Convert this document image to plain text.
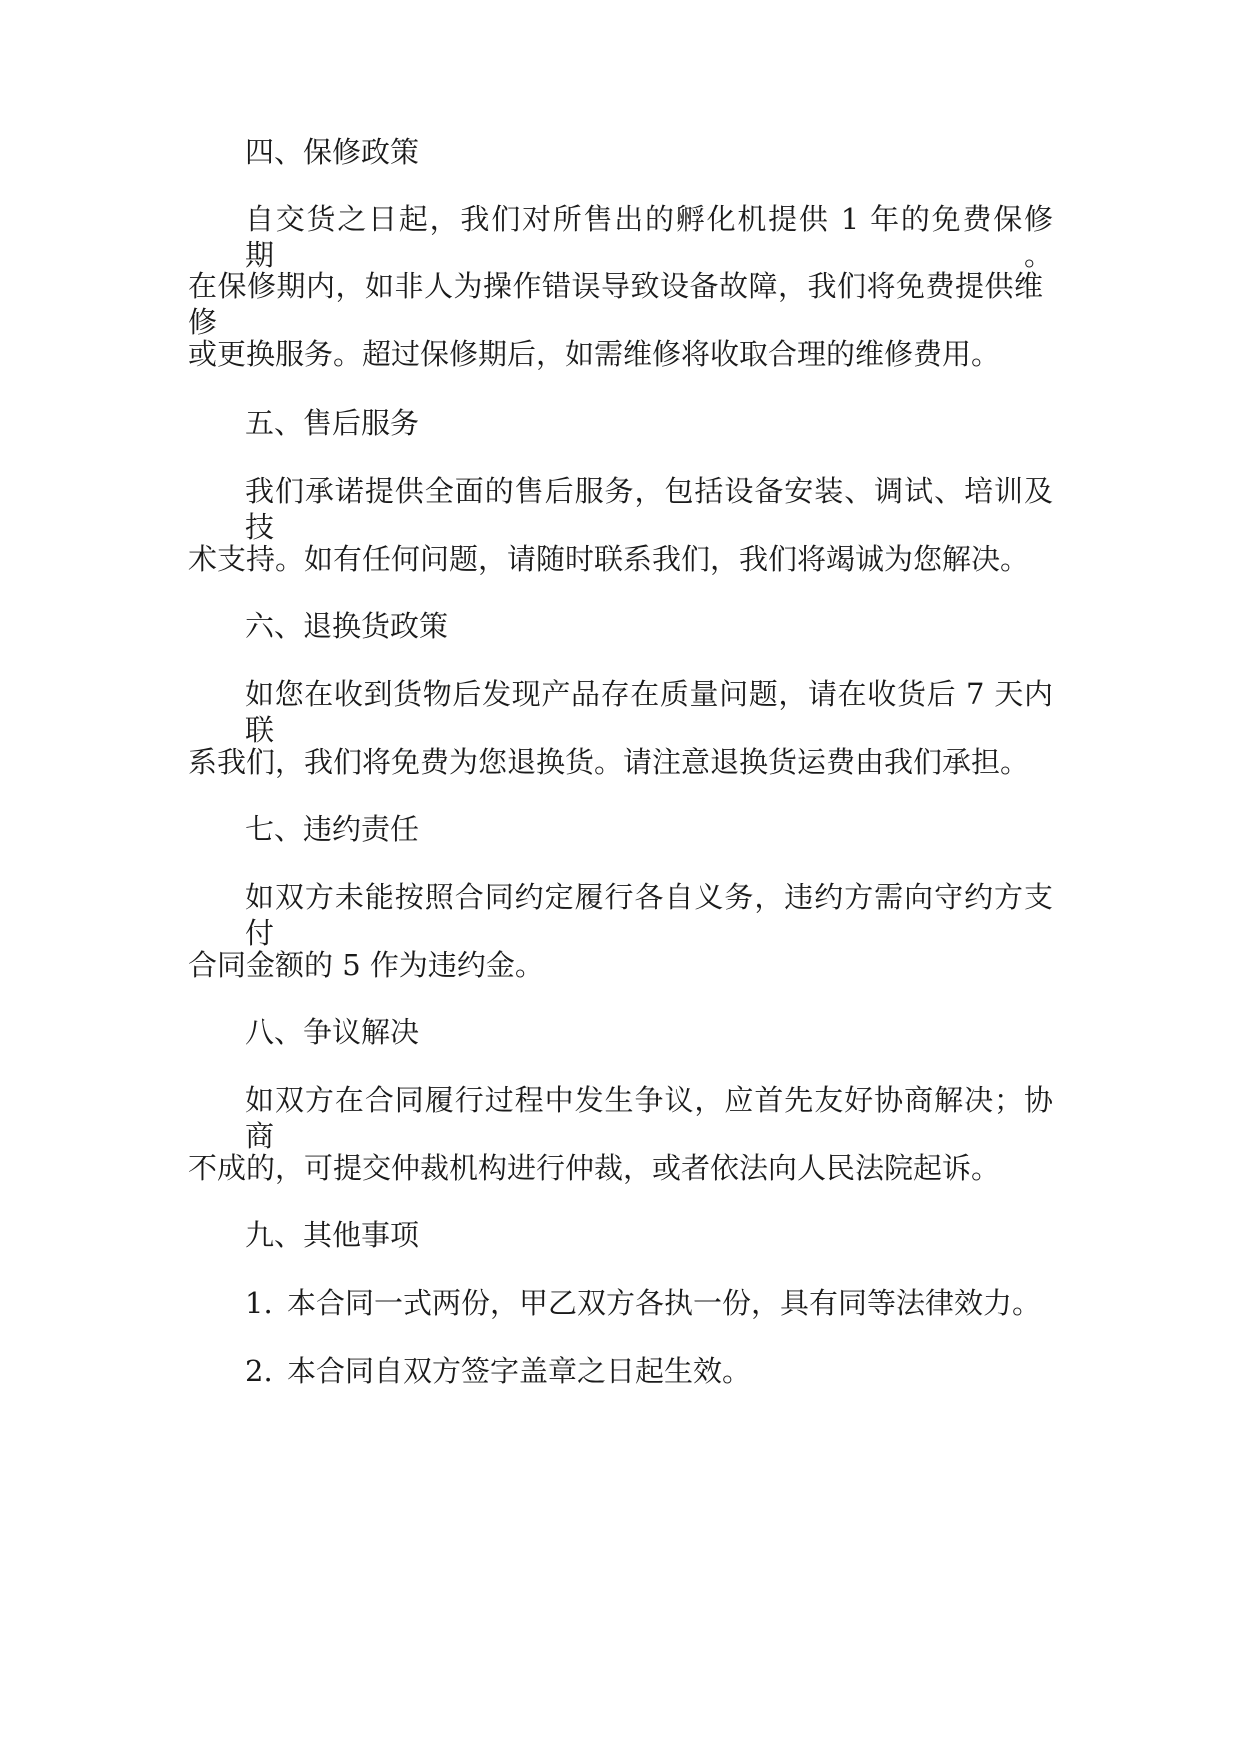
四、保修政策

自交货之日起，我们对所售出的孵化机提供 1 年的免费保修期。

在保修期内，如非人为操作错误导致设备故障，我们将免费提供维修

或更换服务。超过保修期后，如需维修将收取合理的维修费用。

五、售后服务

我们承诺提供全面的售后服务，包括设备安装、调试、培训及技

术支持。如有任何问题，请随时联系我们，我们将竭诚为您解决。

六、退换货政策

如您在收到货物后发现产品存在质量问题，请在收货后 7 天内联

系我们，我们将免费为您退换货。请注意退换货运费由我们承担。

七、违约责任

如双方未能按照合同约定履行各自义务，违约方需向守约方支付

合同金额的 5 作为违约金。

八、争议解决

如双方在合同履行过程中发生争议，应首先友好协商解决；协商

不成的，可提交仲裁机构进行仲裁，或者依法向人民法院起诉。

九、其他事项

1. 本合同一式两份，甲乙双方各执一份，具有同等法律效力。

2. 本合同自双方签字盖章之日起生效。
